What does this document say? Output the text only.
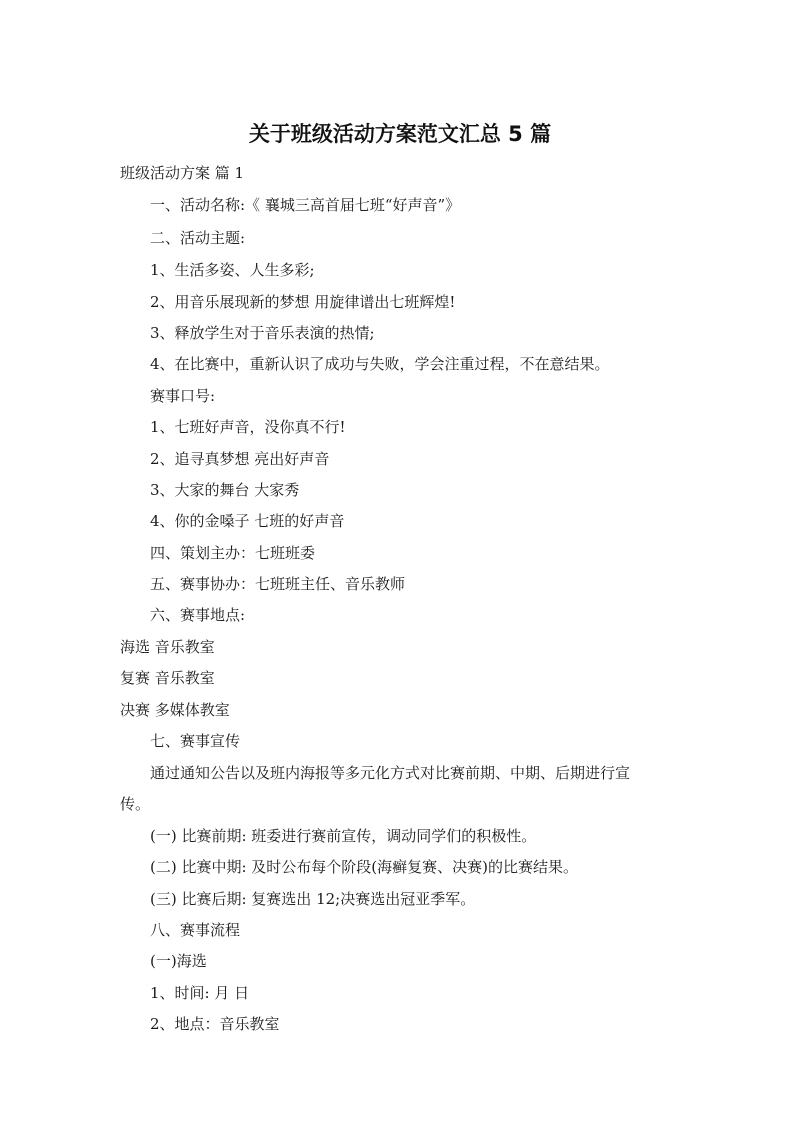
关于班级活动方案范文汇总 5 篇
班级活动方案 篇 1
一、活动名称:《 襄城三高首届七班“好声音”》
二、活动主题:
1、生活多姿、人生多彩;
2、用音乐展现新的梦想 用旋律谱出七班辉煌!
3、释放学生对于音乐表演的热情;
4、在比赛中，重新认识了成功与失败，学会注重过程，不在意结果。
赛事口号:
1、七班好声音，没你真不行!
2、追寻真梦想 亮出好声音
3、大家的舞台 大家秀
4、你的金嗓子 七班的好声音
四、策划主办：七班班委
五、赛事协办：七班班主任、音乐教师
六、赛事地点:
海选 音乐教室
复赛 音乐教室
决赛 多媒体教室
七、赛事宣传
通过通知公告以及班内海报等多元化方式对比赛前期、中期、后期进行宣
传。
(一) 比赛前期: 班委进行赛前宣传，调动同学们的积极性。
(二) 比赛中期: 及时公布每个阶段(海癣复赛、决赛)的比赛结果。
(三) 比赛后期: 复赛选出 12;决赛选出冠亚季军。
八、赛事流程
(一)海选
1、时间: 月 日
2、地点：音乐教室
